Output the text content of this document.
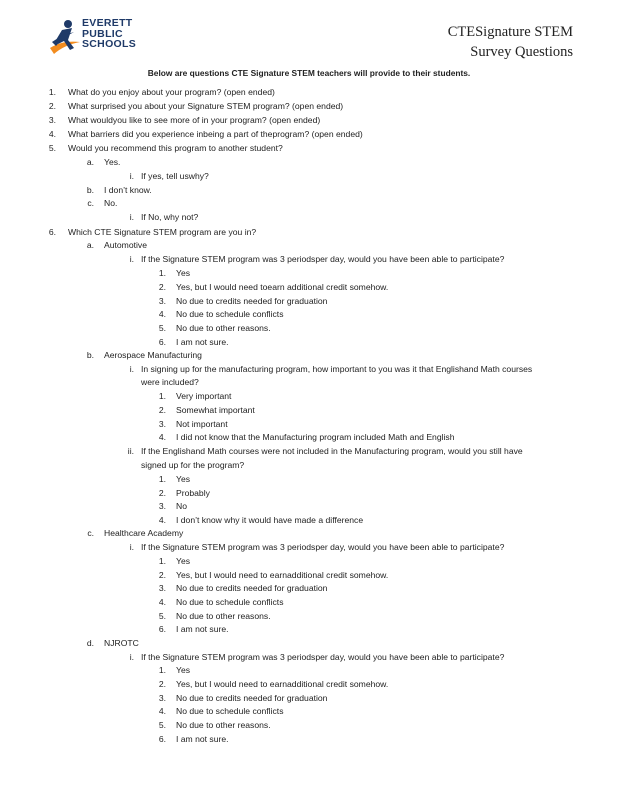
EVERETT
PUBLIC
SCHOOLS
CTESignature STEM
Survey Questions
Below are questions CTE Signature STEM teachers will provide to their students.
1. What do you enjoy about your program? (open ended)
2. What surprised you about your Signature STEM program? (open ended)
3. What wouldyou like to see more of in your program? (open ended)
4. What barriers did you experience inbeing a part of theprogram? (open ended)
5. Would you recommend this program to another student?
a. Yes.
i. If yes, tell uswhy?
b. I don’t know.
c. No.
i. If No, why not?
6. Which CTE Signature STEM program are you in?
a. Automotive
i. If the Signature STEM program was 3 periodsper day, would you have been able to participate?
1. Yes
2. Yes, but I would need toearn additional credit somehow.
3. No due to credits needed for graduation
4. No due to schedule conflicts
5. No due to other reasons.
6. I am not sure.
b. Aerospace Manufacturing
i. In signing up for the manufacturing program, how important to you was it that Englishand Math courses
were included?
1. Very important
2. Somewhat important
3. Not important
4. I did not know that the Manufacturing program included Math and English
ii. If the Englishand Math courses were not included in the Manufacturing program, would you still have
signed up for the program?
1. Yes
2. Probably
3. No
4. I don’t know why it would have made a difference
c. Healthcare Academy
i. If the Signature STEM program was 3 periodsper day, would you have been able to participate?
1. Yes
2. Yes, but I would need to earnadditional credit somehow.
3. No due to credits needed for graduation
4. No due to schedule conflicts
5. No due to other reasons.
6. I am not sure.
d. NJROTC
i. If the Signature STEM program was 3 periodsper day, would you have been able to participate?
1. Yes
2. Yes, but I would need to earnadditional credit somehow.
3. No due to credits needed for graduation
4. No due to schedule conflicts
5. No due to other reasons.
6. I am not sure.
